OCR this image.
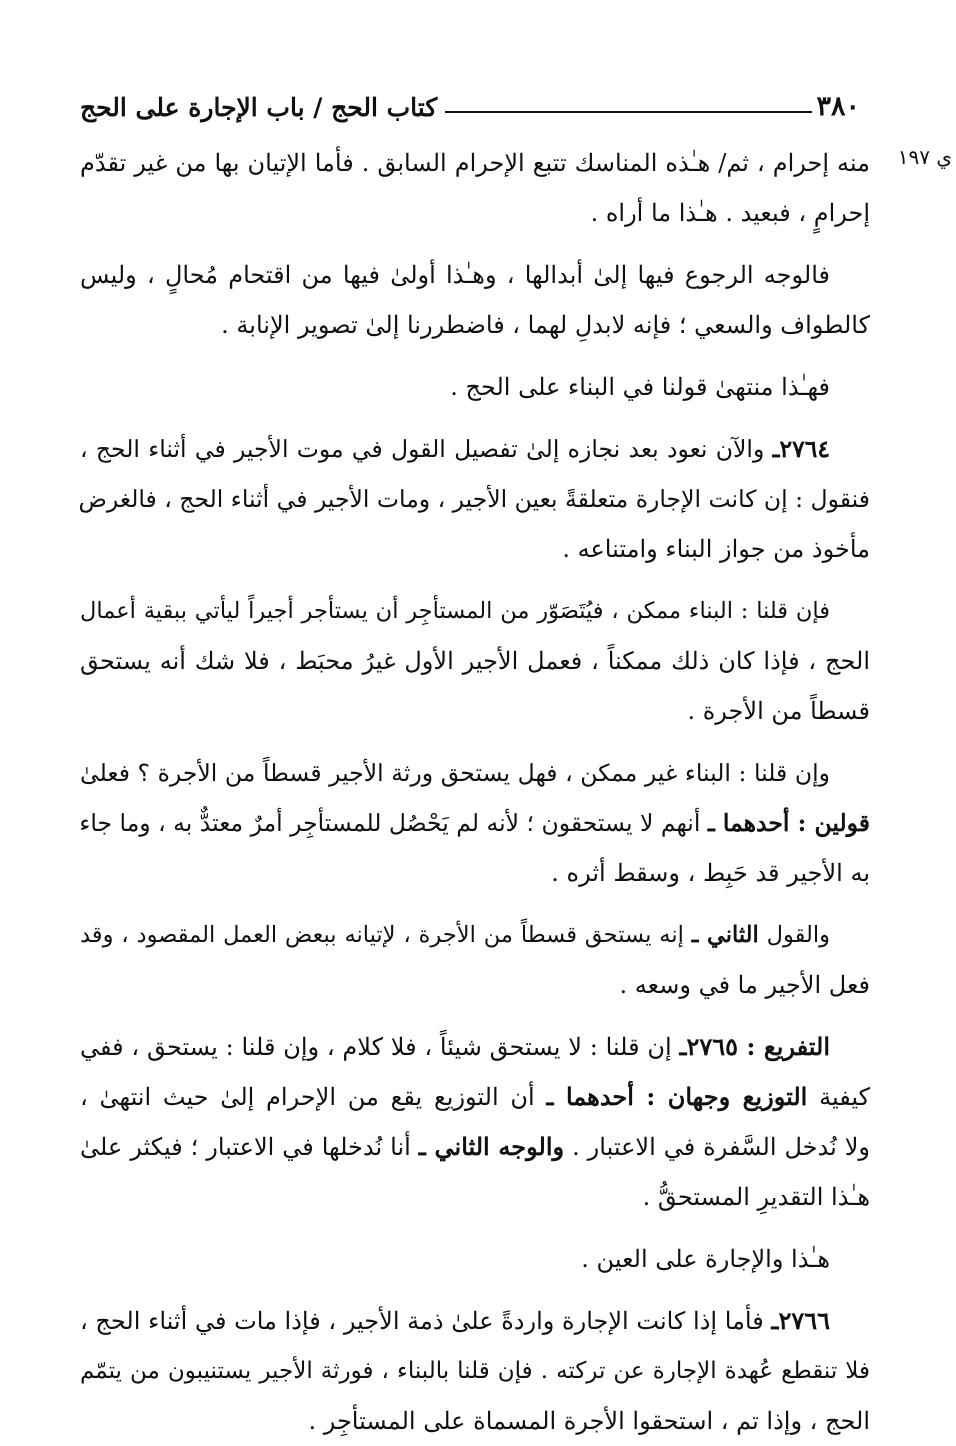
٣٨٠
كتاب الحج / باب الإجارة على الحج
ي ١٩٧
منه إحرام ، ثم/ هـٰذه المناسك تتبع الإحرام السابق . فأما الإتيان بها من غير تقدّم
إحرامٍ ، فبعيد . هـٰذا ما أراه .
فالوجه الرجوع فيها إلىٰ أبدالها ، وهـٰذا أولىٰ فيها من اقتحام مُحالٍ ، وليس
كالطواف والسعي ؛ فإنه لابدلِ لهما ، فاضطررنا إلىٰ تصوير الإنابة .
فهـٰذا منتهىٰ قولنا في البناء على الحج .
٢٧٦٤ـ والآن نعود بعد نجازه إلىٰ تفصيل القول في موت الأجير في أثناء الحج ،
فنقول : إن كانت الإجارة متعلقةً بعين الأجير ، ومات الأجير في أثناء الحج ، فالغرض
مأخوذ من جواز البناء وامتناعه .
فإن قلنا : البناء ممكن ، فيُتَصَوّر من المستأجِر أن يستأجر أجيراً ليأتي ببقية أعمال
الحج ، فإذا كان ذلك ممكناً ، فعمل الأجير الأول غيرُ محبَط ، فلا شك أنه يستحق
قسطاً من الأجرة .
وإن قلنا : البناء غير ممكن ، فهل يستحق ورثة الأجير قسطاً من الأجرة ؟ فعلىٰ
قولين : أحدهما ـ أنهم لا يستحقون ؛ لأنه لم يَحْصُل للمستأجِر أمرٌ معتدٌّ به ، وما جاء
به الأجير قد حَبِط ، وسقط أثره .
والقول الثاني ـ إنه يستحق قسطاً من الأجرة ، لإتيانه ببعض العمل المقصود ، وقد
فعل الأجير ما في وسعه .
التفريع : ٢٧٦٥ـ إن قلنا : لا يستحق شيئاً ، فلا كلام ، وإن قلنا : يستحق ، ففي
كيفية التوزيع وجهان : أحدهما ـ أن التوزيع يقع من الإحرام إلىٰ حيث انتهىٰ ،
ولا نُدخل السَّفرة في الاعتبار . والوجه الثاني ـ أنا نُدخلها في الاعتبار ؛ فيكثر علىٰ
هـٰذا التقديرِ المستحقُّ .
هـٰذا والإجارة على العين .
٢٧٦٦ـ فأما إذا كانت الإجارة واردةً علىٰ ذمة الأجير ، فإذا مات في أثناء الحج ،
فلا تنقطع عُهدة الإجارة عن تركته . فإن قلنا بالبناء ، فورثة الأجير يستنيبون من يتمّم
الحج ، وإذا تم ، استحقوا الأجرة المسماة على المستأجِر .
